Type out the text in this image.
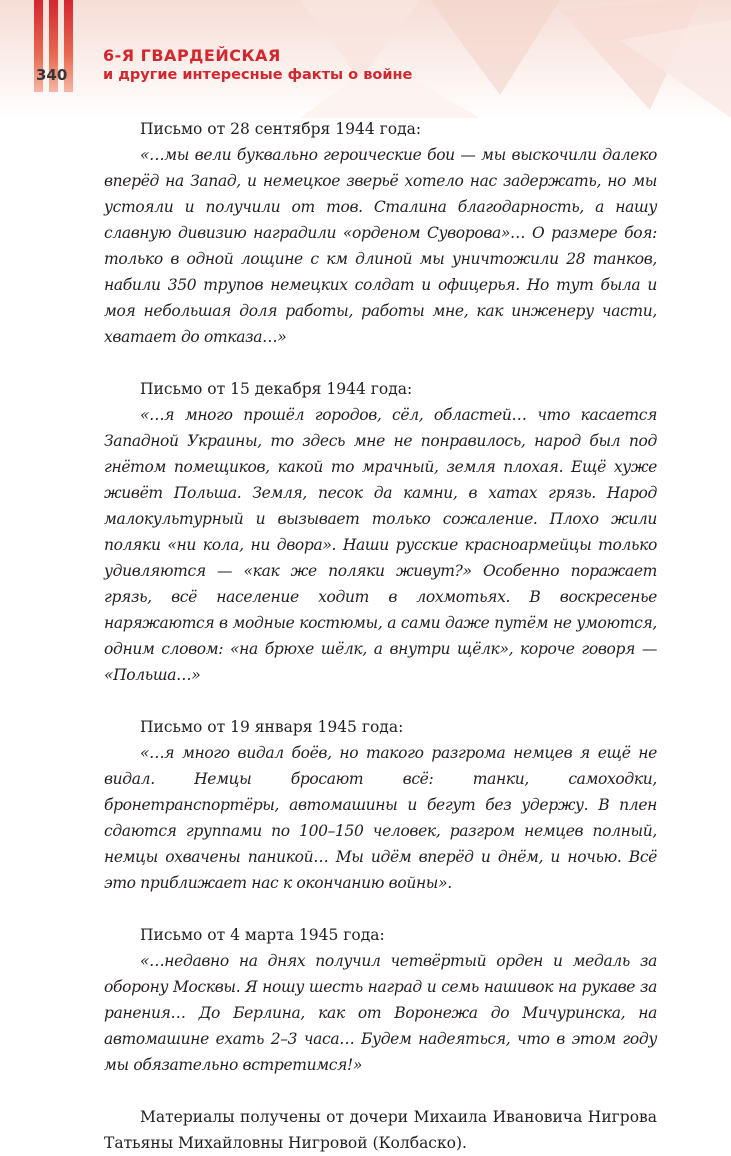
340
6-Я ГВАРДЕЙСКАЯ
и другие интересные факты о войне

Письмо от 28 сентября 1944 года:

«…мы вели буквально героические бои — мы выскочили далеко вперёд на Запад, и немецкое зверьё хотело нас задержать, но мы устояли и получили от тов. Сталина благодарность, а нашу славную дивизию наградили «орденом Суворова»… О размере боя: только в одной лощине с км длиной мы уничтожили 28 танков, набили 350 трупов немецких солдат и офицерья. Но тут была и моя небольшая доля работы, работы мне, как инженеру части, хватает до отказа…»

Письмо от 15 декабря 1944 года:

«…я много прошёл городов, сёл, областей… что касается Западной Украины, то здесь мне не понравилось, народ был под гнётом помещиков, какой то мрачный, земля плохая. Ещё хуже живёт Польша. Земля, песок да камни, в хатах грязь. Народ малокультурный и вызывает только сожаление. Плохо жили поляки «ни кола, ни двора». Наши русские красноармейцы только удивляются — «как же поляки живут?» Особенно поражает грязь, всё население ходит в лохмотьях. В воскресенье наряжаются в модные костюмы, а сами даже путём не умоются, одним словом: «на брюхе шёлк, а внутри щёлк», короче говоря — «Польша…»

Письмо от 19 января 1945 года:

«…я много видал боёв, но такого разгрома немцев я ещё не видал. Немцы бросают всё: танки, самоходки, бронетранспортёры, автомашины и бегут без удержу. В плен сдаются группами по 100–150 человек, разгром немцев полный, немцы охвачены паникой… Мы идём вперёд и днём, и ночью. Всё это приближает нас к окончанию войны».

Письмо от 4 марта 1945 года:

«…недавно на днях получил четвёртый орден и медаль за оборону Москвы. Я ношу шесть наград и семь нашивок на рукаве за ранения… До Берлина, как от Воронежа до Мичуринска, на автомашине ехать 2–3 часа… Будем надеяться, что в этом году мы обязательно встретимся!»

Материалы получены от дочери Михаила Ивановича Нигрова Татьяны Михайловны Нигровой (Колбаско).
